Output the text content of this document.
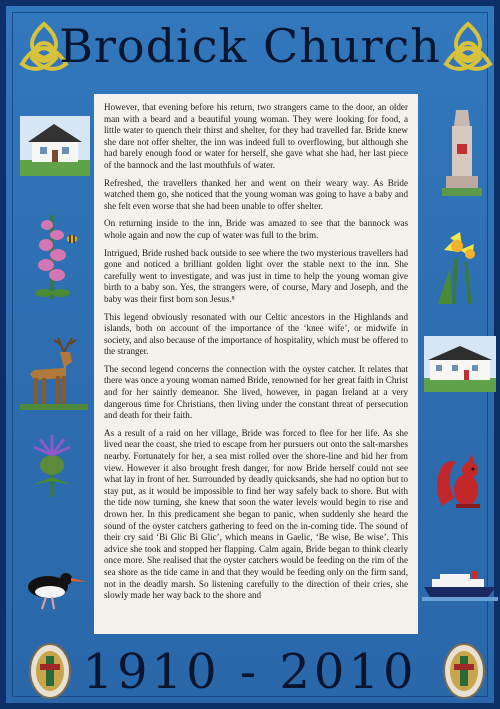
Brodick Church

However, that evening before his return, two strangers came to the door, an older man with a beard and a beautiful young woman. They were looking for food, a little water to quench their thirst and shelter, for they had travelled far. Bride knew she dare not offer shelter, the inn was indeed full to overflowing, but although she had barely enough food or water for herself, she gave what she had, her last piece of the bannock and the last mouthfuls of water.

Refreshed, the travellers thanked her and went on their weary way. As Bride watched them go, she noticed that the young woman was going to have a baby and she felt even worse that she had been unable to offer shelter.

On returning inside to the inn, Bride was amazed to see that the bannock was whole again and now the cup of water was full to the brim.

Intrigued, Bride rushed back outside to see where the two mysterious travellers had gone and noticed a brilliant golden light over the stable next to the inn. She carefully went to investigate, and was just in time to help the young woman give birth to a baby son. Yes, the strangers were, of course, Mary and Joseph, and the baby was their first born son Jesus.⁸

This legend obviously resonated with our Celtic ancestors in the Highlands and islands, both on account of the importance of the ‘knee wife’, or midwife in society, and also because of the importance of hospitality, which must be offered to the stranger.

The second legend concerns the connection with the oyster catcher. It relates that there was once a young woman named Bride, renowned for her great faith in Christ and for her saintly demeanor. She lived, however, in pagan Ireland at a very dangerous time for Christians, then living under the constant threat of persecution and death for their faith.

As a result of a raid on her village, Bride was forced to flee for her life. As she lived near the coast, she tried to escape from her pursuers out onto the salt-marshes nearby. Fortunately for her, a sea mist rolled over the shore-line and hid her from view. However it also brought fresh danger, for now Bride herself could not see what lay in front of her. Surrounded by deadly quicksands, she had no option but to stay put, as it would be impossible to find her way safely back to shore. But with the tide now turning, she knew that soon the water levels would begin to rise and drown her. In this predicament she began to panic, when suddenly she heard the sound of the oyster catchers gathering to feed on the in-coming tide. The sound of their cry said ‘Bi Glic Bi Glic’, which means in Gaelic, ‘Be wise, Be wise’. This advice she took and stopped her flapping. Calm again, Bride began to think clearly once more. She realised that the oyster catchers would be feeding on the rim of the sea shore as the tide came in and that they would be feeding only on the firm sand, not in the deadly marsh. So listening carefully to the direction of their cries, she slowly made her way back to the shore and

1910 - 2010
